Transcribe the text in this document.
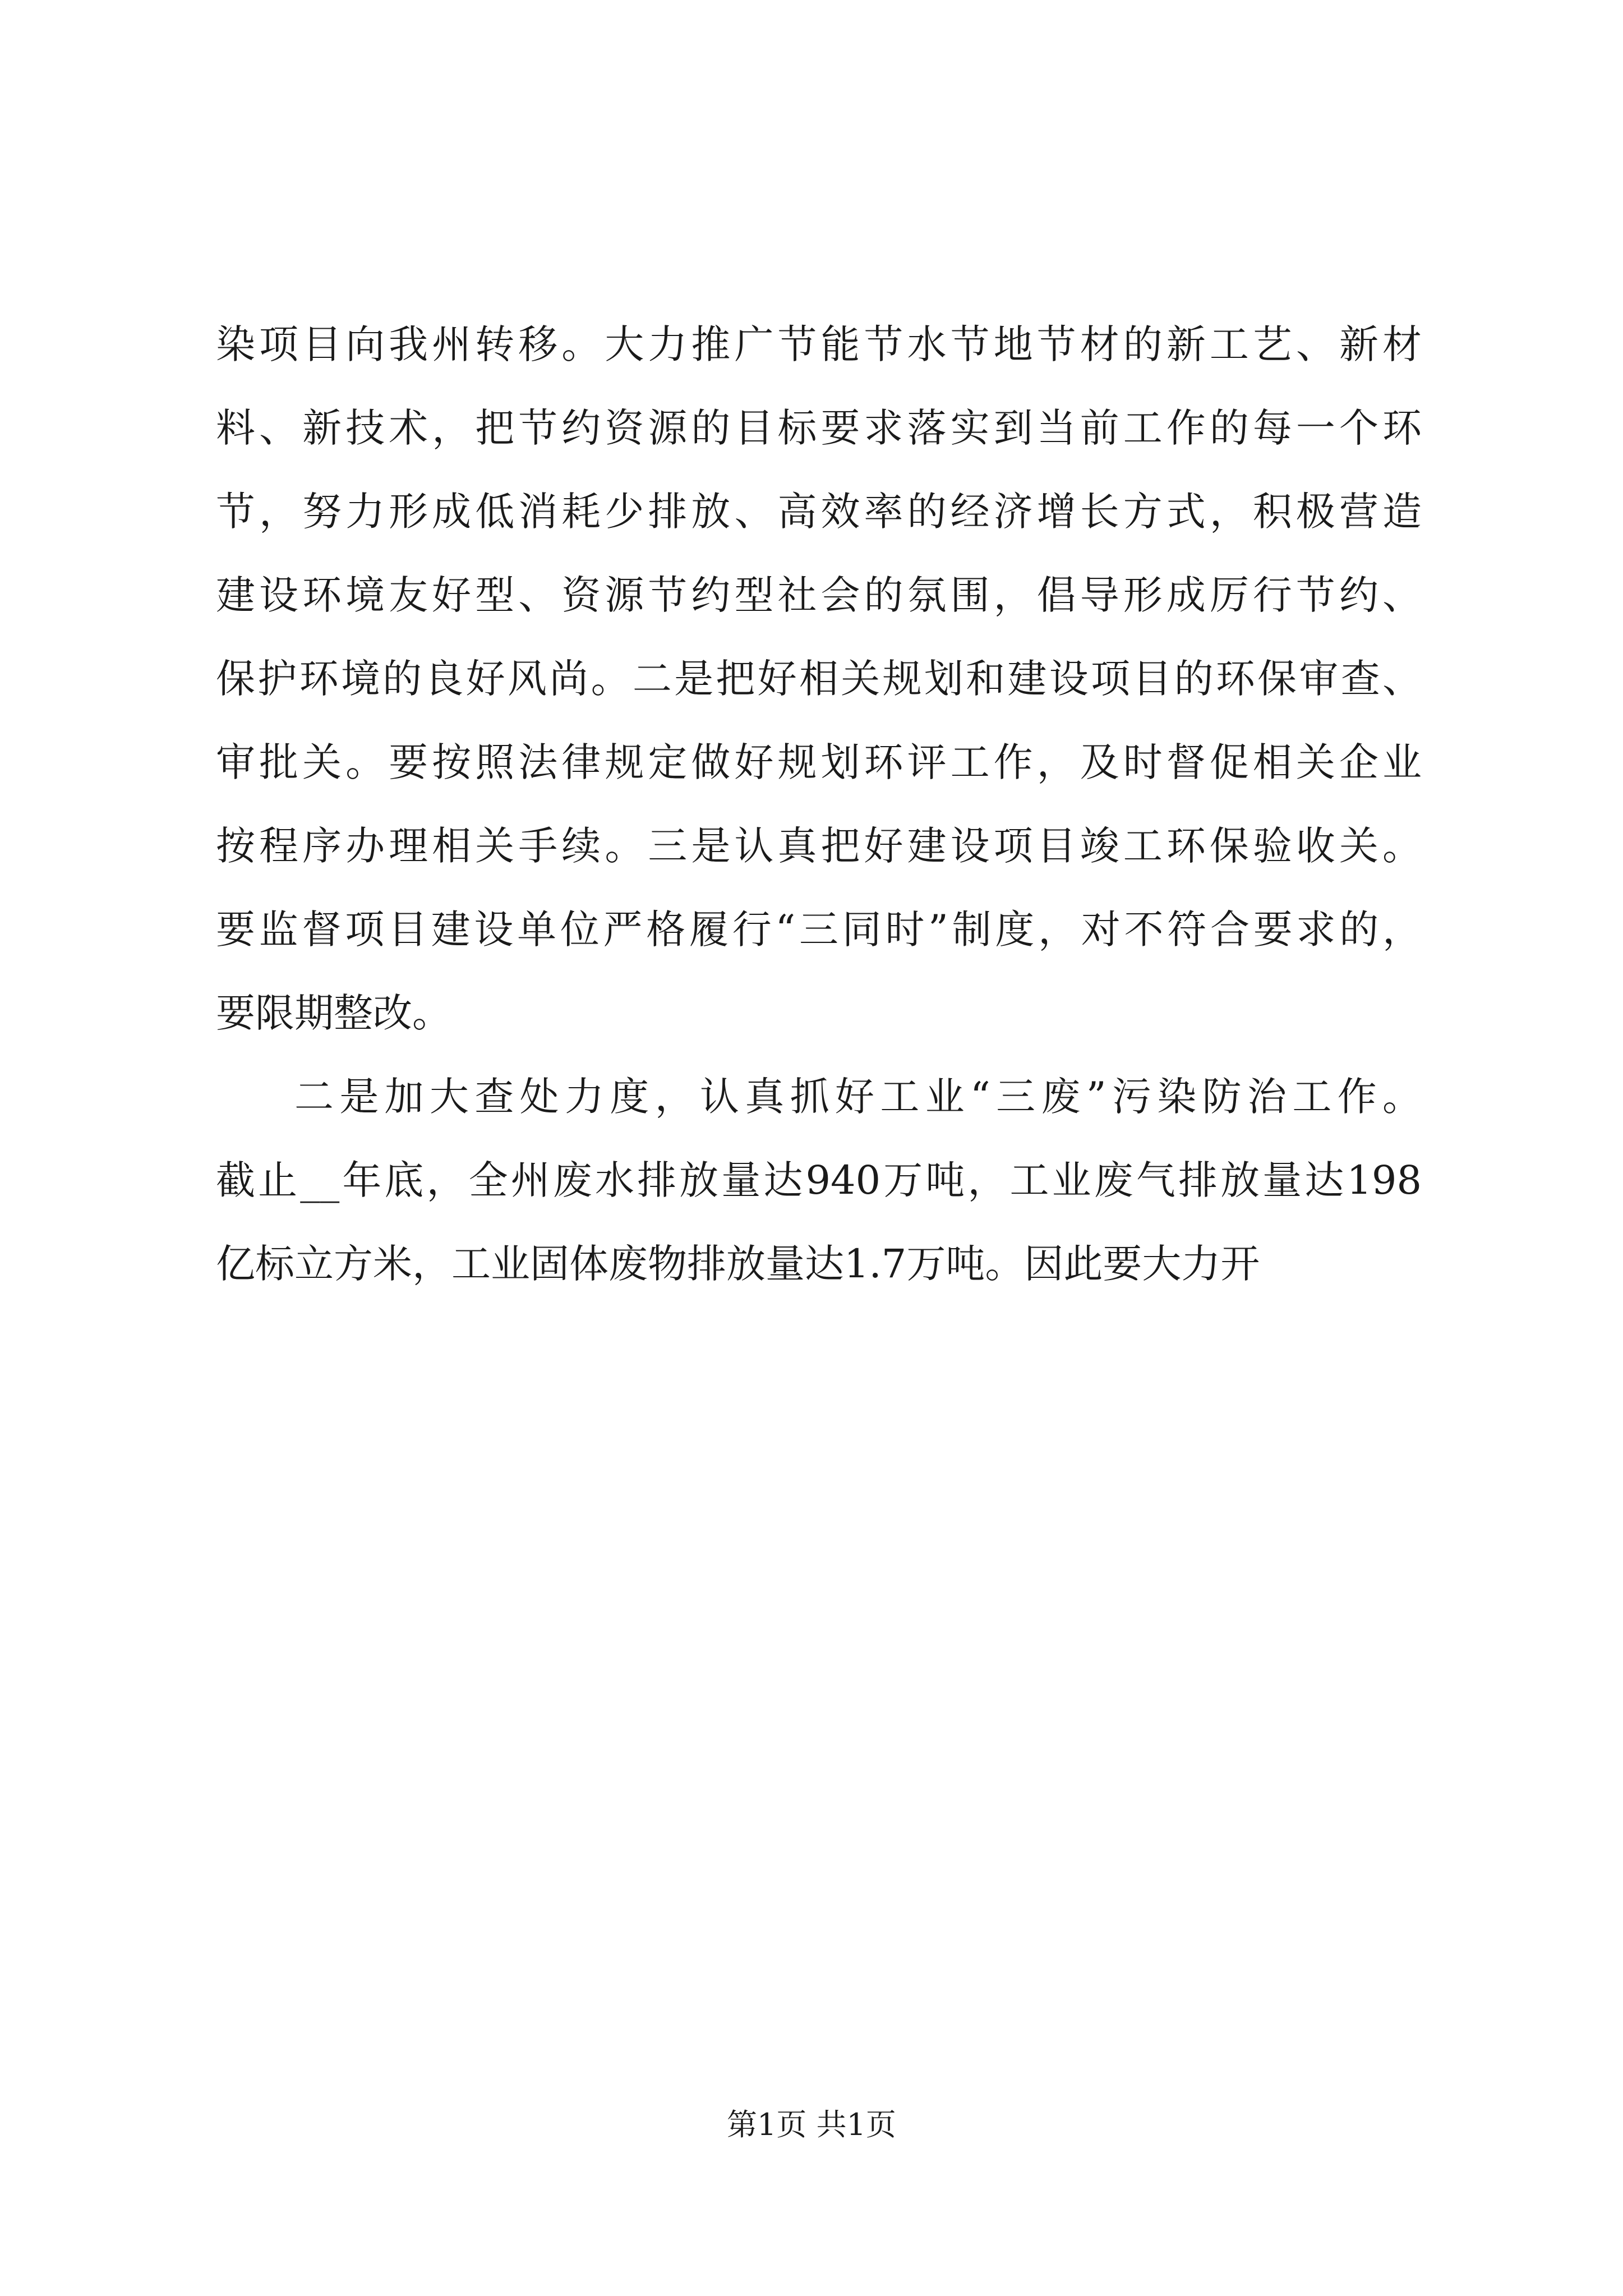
染项目向我州转移。大力推广节能节水节地节材的新工艺、新材
料、新技术，把节约资源的目标要求落实到当前工作的每一个环
节，努力形成低消耗少排放、高效率的经济增长方式，积极营造
建设环境友好型、资源节约型社会的氛围，倡导形成厉行节约、
保护环境的良好风尚。二是把好相关规划和建设项目的环保审查、
审批关。要按照法律规定做好规划环评工作，及时督促相关企业
按程序办理相关手续。三是认真把好建设项目竣工环保验收关。
要监督项目建设单位严格履行“三同时”制度，对不符合要求的，
要限期整改。
二是加大查处力度，认真抓好工业“三废”污染防治工作。
截止__年底，全州废水排放量达940万吨，工业废气排放量达198
亿标立方米，工业固体废物排放量达1.7万吨。因此要大力开
第1页 共1页
